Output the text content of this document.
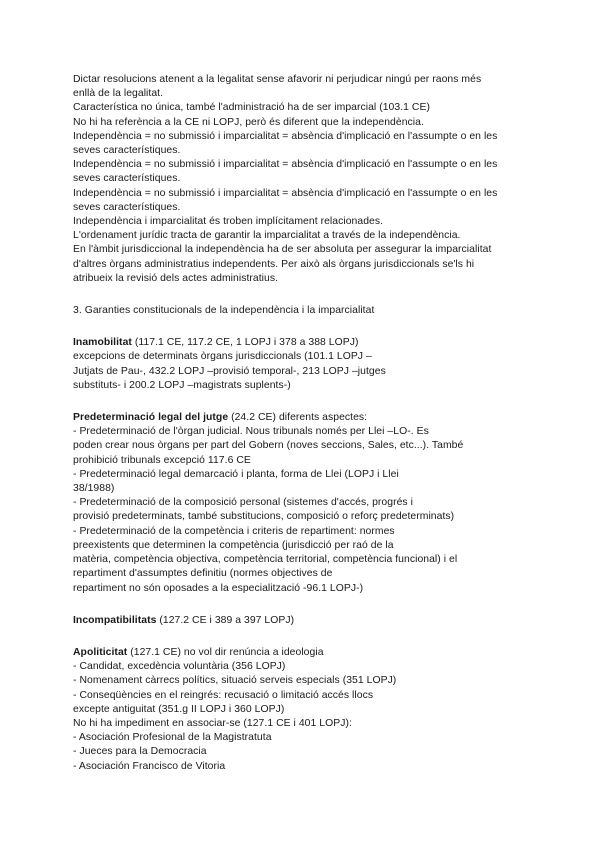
Dictar resolucions atenent a la legalitat sense afavorir ni perjudicar ningú per raons més
enllà de la legalitat.
Característica no única, també l'administració ha de ser imparcial (103.1 CE)
No hi ha referència a la CE ni LOPJ, però és diferent que la independència.
Independència = no submissió i imparcialitat = absència d'implicació en l'assumpte o en les
seves característiques.
Independència = no submissió i imparcialitat = absència d'implicació en l'assumpte o en les
seves característiques.
Independència = no submissió i imparcialitat = absència d'implicació en l'assumpte o en les
seves característiques.
Independència i imparcialitat és troben implícitament relacionades.
L'ordenament jurídic tracta de garantir la imparcialitat a través de la independència.
En l'àmbit jurisdiccional la independència ha de ser absoluta per assegurar la imparcialitat
d'altres òrgans administratius independents. Per això als òrgans jurisdiccionals se'ls hi
atribueix la revisió dels actes administratius.
3. Garanties constitucionals de la independència i la imparcialitat
Inamobilitat (117.1 CE, 117.2 CE, 1 LOPJ i 378 a 388 LOPJ)
excepcions de determinats òrgans jurisdiccionals (101.1 LOPJ –
Jutjats de Pau-, 432.2 LOPJ –provisió temporal-, 213 LOPJ –jutges
substituts- i 200.2 LOPJ –magistrats suplents-)
Predeterminació legal del jutge (24.2 CE) diferents aspectes:
- Predeterminació de l'òrgan judicial. Nous tribunals només per Llei –LO-. Es
poden crear nous òrgans per part del Gobern (noves seccions, Sales, etc...). També
prohibició tribunals excepció 117.6 CE
- Predeterminació legal demarcació i planta, forma de Llei (LOPJ i Llei
38/1988)
- Predeterminació de la composició personal (sistemes d'accés, progrés i
provisió predeterminats, també substitucions, composició o reforç predeterminats)
- Predeterminació de la competència i criteris de repartiment: normes
preexistents que determinen la competència (jurisdicció per raó de la
matèria, competència objectiva, competència territorial, competència funcional) i el
repartiment d'assumptes definitiu (normes objectives de
repartiment no són oposades a la especialització -96.1 LOPJ-)
Incompatibilitats (127.2 CE i 389 a 397 LOPJ)
Apoliticitat (127.1 CE) no vol dir renúncia a ideologia
- Candidat, excedència voluntària (356 LOPJ)
- Nomenament càrrecs polítics, situació serveis especials (351 LOPJ)
- Conseqüències en el reingrés: recusació o limitació accés llocs
excepte antiguitat (351.g II LOPJ i 360 LOPJ)
No hi ha impediment en associar-se (127.1 CE i 401 LOPJ):
- Asociación Profesional de la Magistratuta
- Jueces para la Democracia
- Asociación Francisco de Vitoria
